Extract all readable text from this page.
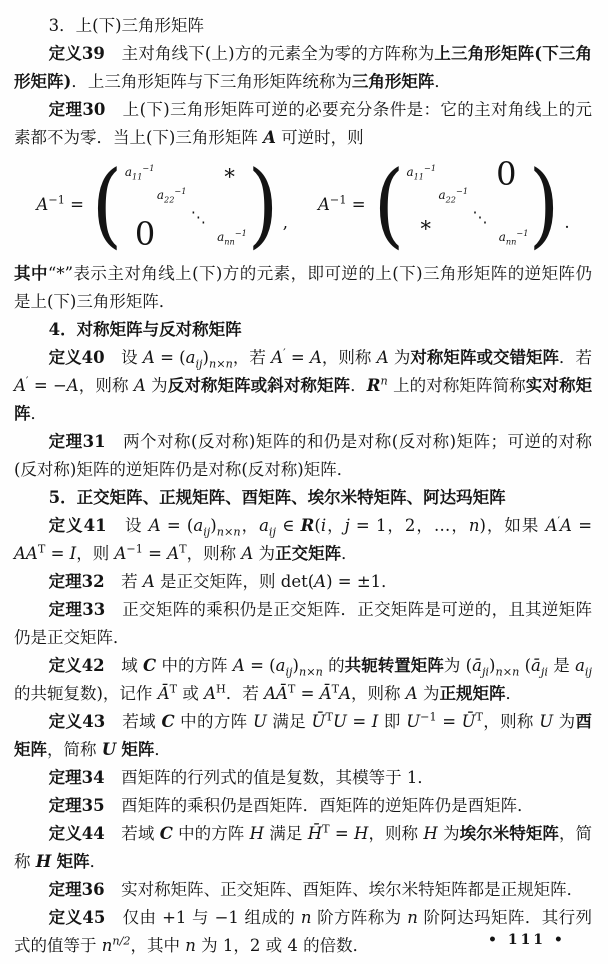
3．上(下)三角形矩阵

定义39　主对角线下(上)方的元素全为零的方阵称为上三角形矩阵(下三角形矩阵)．上三角形矩阵与下三角形矩阵统称为三角形矩阵．

定理30　上(下)三角形矩阵可逆的必要充分条件是：它的主对角线上的元素都不为零．当上(下)三角形矩阵 A 可逆时，则

$A^{-1}$ = ( $a_{11}^{-1}$
$a_{22}^{-1}$
⋱
$a_{nn}^{-1}$
*
0 ) ,
$A^{-1}$ = ( $a_{11}^{-1}$
$a_{22}^{-1}$
⋱
$a_{nn}^{-1}$
0
* ) .

其中“*”表示主对角线上(下)方的元素，即可逆的上(下)三角形矩阵的逆矩阵仍是上(下)三角形矩阵．

4．对称矩阵与反对称矩阵

定义40　设 $A = (a_{ij})_{n\times n}$，若 A′ = A，则称 A 为对称矩阵或交错矩阵．若 A′ = −A，则称 A 为反对称矩阵或斜对称矩阵．$R^n$ 上的对称矩阵简称实对称矩阵．

定理31　两个对称(反对称)矩阵的和仍是对称(反对称)矩阵；可逆的对称(反对称)矩阵的逆矩阵仍是对称(反对称)矩阵．

5．正交矩阵、正规矩阵、酉矩阵、埃尔米特矩阵、阿达玛矩阵

定义41　设 $A = (a_{ij})_{n\times n}$，$a_{ij}$ ∈ R(i，j = 1，2，…，n)，如果 $A'A = AA^T = I$，则 $A^{-1} = A^T$，则称 A 为正交矩阵．

定理32　若 A 是正交矩阵，则 det(A) = ±1．

定理33　正交矩阵的乘积仍是正交矩阵．正交矩阵是可逆的，且其逆矩阵仍是正交矩阵．

定义42　域 C 中的方阵 $A = (a_{ij})_{n\times n}$ 的共轭转置矩阵为 $(ā_{ji})_{n\times n}$ ($ā_{ji}$ 是 $a_{ij}$ 的共轭复数)，记作 $Ā^T$ 或 $A^H$．若 $AĀ^T$ = $Ā^TA$，则称 A 为正规矩阵．

定义43　若域 C 中的方阵 U 满足 $Ū^TU = I$ 即 $U^{-1}$ = $Ū^T$，则称 U 为酉矩阵，简称 U 矩阵．

定理34　酉矩阵的行列式的值是复数，其模等于 1．

定理35　酉矩阵的乘积仍是酉矩阵．酉矩阵的逆矩阵仍是酉矩阵．

定义44　若域 C 中的方阵 H 满足 H̄$^T$ = H，则称 H 为埃尔米特矩阵，简称 H 矩阵．

定理36　实对称矩阵、正交矩阵、酉矩阵、埃尔米特矩阵都是正规矩阵．

定义45　仅由 +1 与 −1 组成的 n 阶方阵称为 n 阶阿达玛矩阵．其行列式的值等于 $n^{n/2}$，其中 n 为 1，2 或 4 的倍数．	• 111 •
